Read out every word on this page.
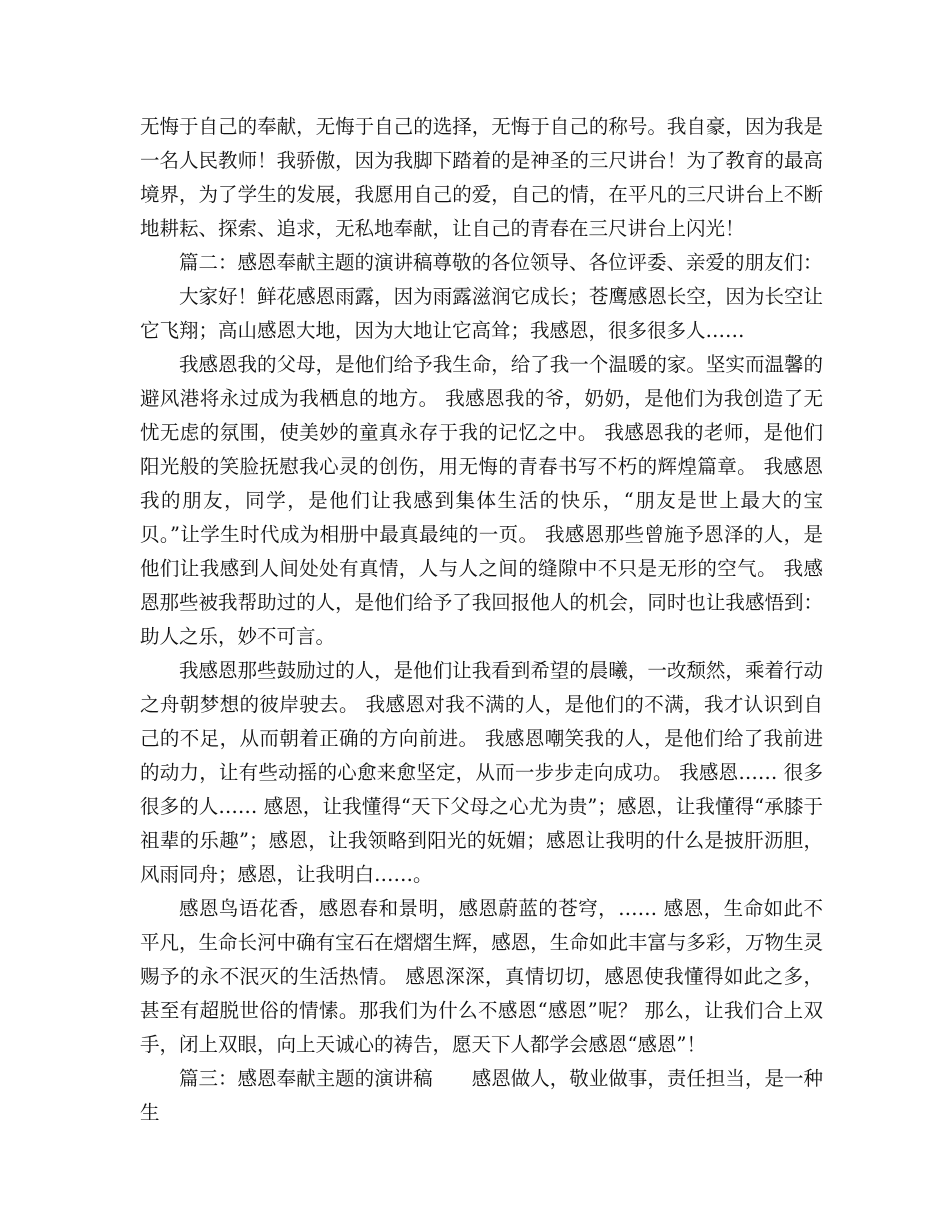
无悔于自己的奉献，无悔于自己的选择，无悔于自己的称号。我自豪，因为我是一名人民教师！我骄傲，因为我脚下踏着的是神圣的三尺讲台！为了教育的最高境界，为了学生的发展，我愿用自己的爱，自己的情，在平凡的三尺讲台上不断地耕耘、探索、追求，无私地奉献，让自己的青春在三尺讲台上闪光！

篇二：感恩奉献主题的演讲稿尊敬的各位领导、各位评委、亲爱的朋友们：

大家好！鲜花感恩雨露，因为雨露滋润它成长；苍鹰感恩长空，因为长空让它飞翔；高山感恩大地，因为大地让它高耸；我感恩，很多很多人……

我感恩我的父母，是他们给予我生命，给了我一个温暖的家。坚实而温馨的避风港将永过成为我栖息的地方。 我感恩我的爷，奶奶，是他们为我创造了无忧无虑的氛围，使美妙的童真永存于我的记忆之中。 我感恩我的老师，是他们阳光般的笑脸抚慰我心灵的创伤，用无悔的青春书写不朽的辉煌篇章。 我感恩我的朋友，同学，是他们让我感到集体生活的快乐，“朋友是世上最大的宝贝。”让学生时代成为相册中最真最纯的一页。 我感恩那些曾施予恩泽的人，是他们让我感到人间处处有真情，人与人之间的缝隙中不只是无形的空气。 我感恩那些被我帮助过的人，是他们给予了我回报他人的机会，同时也让我感悟到：助人之乐，妙不可言。

我感恩那些鼓励过的人，是他们让我看到希望的晨曦，一改颓然，乘着行动之舟朝梦想的彼岸驶去。 我感恩对我不满的人，是他们的不满，我才认识到自己的不足，从而朝着正确的方向前进。 我感恩嘲笑我的人，是他们给了我前进的动力，让有些动摇的心愈来愈坚定，从而一步步走向成功。 我感恩…… 很多很多的人…… 感恩，让我懂得“天下父母之心尤为贵”；感恩，让我懂得“承膝于祖辈的乐趣”；感恩，让我领略到阳光的妩媚；感恩让我明的什么是披肝沥胆，风雨同舟；感恩，让我明白……。

感恩鸟语花香，感恩春和景明，感恩蔚蓝的苍穹，…… 感恩，生命如此不平凡，生命长河中确有宝石在熠熠生辉，感恩，生命如此丰富与多彩，万物生灵赐予的永不泯灭的生活热情。 感恩深深，真情切切，感恩使我懂得如此之多，甚至有超脱世俗的情愫。那我们为什么不感恩“感恩”呢？ 那么，让我们合上双手，闭上双眼，向上天诚心的祷告，愿天下人都学会感恩“感恩”！

篇三：感恩奉献主题的演讲稿　　感恩做人，敬业做事，责任担当，是一种生
